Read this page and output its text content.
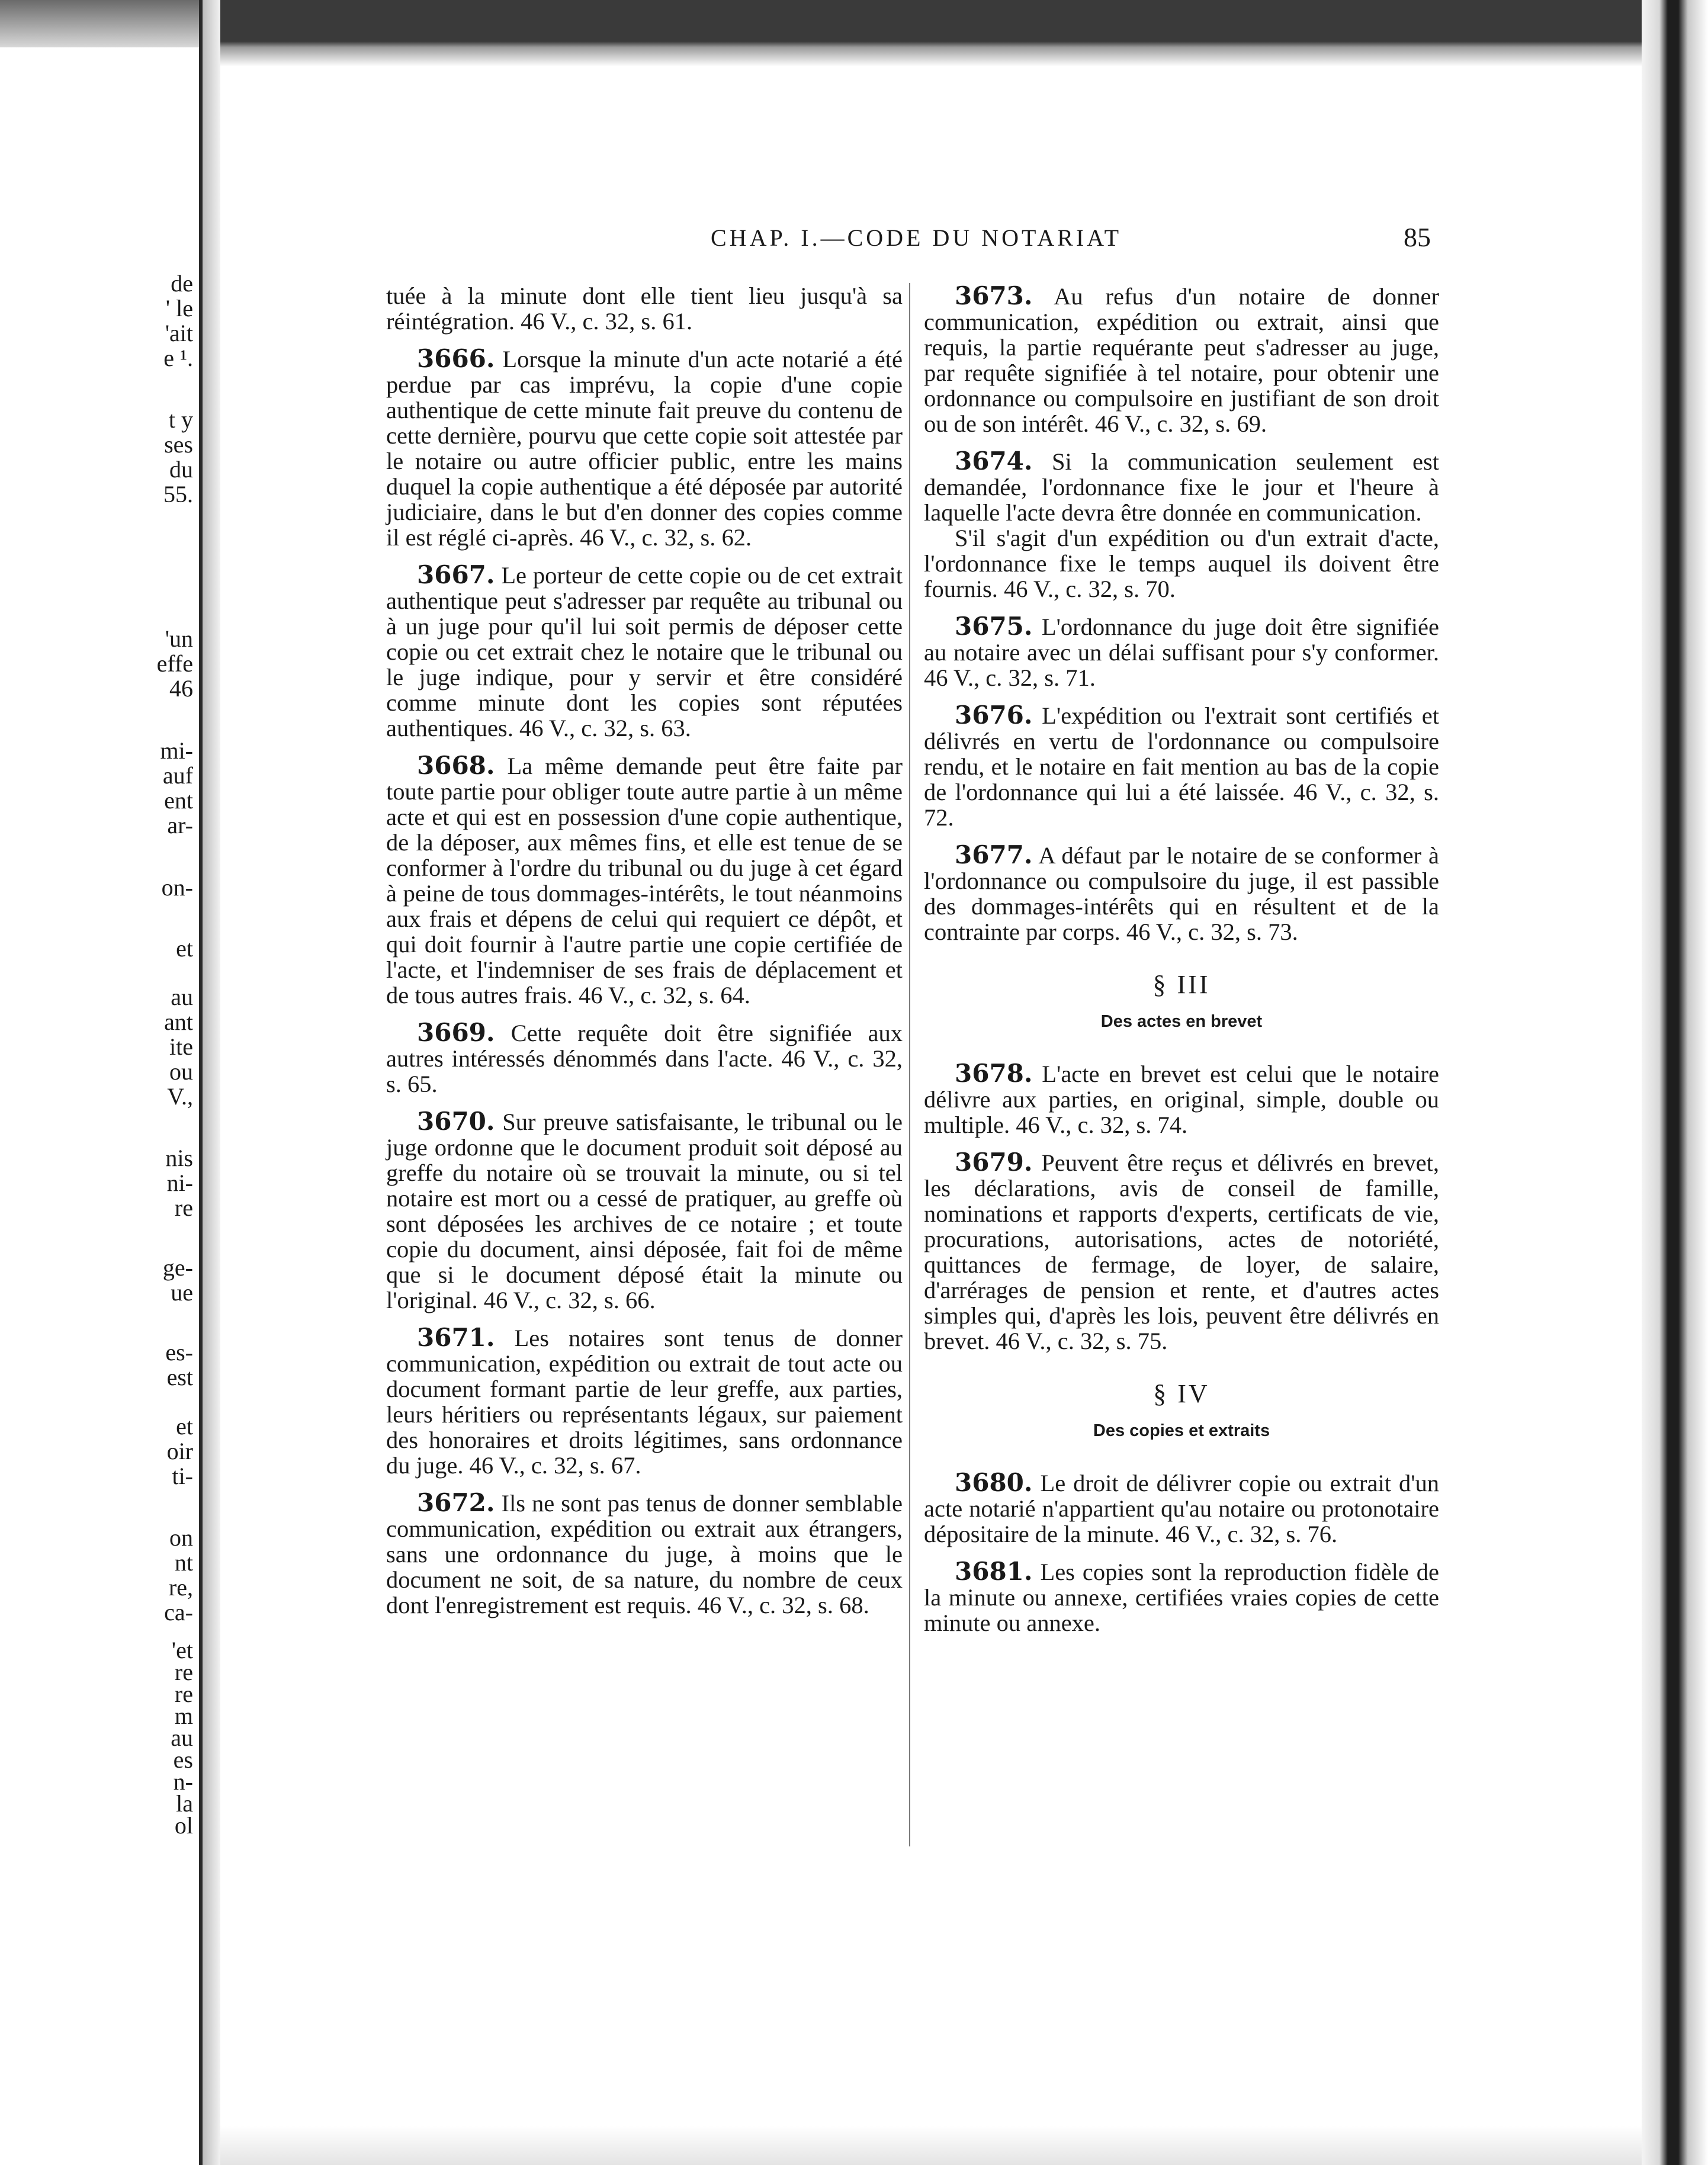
de
' le
'ait
e ¹.
t y
ses
du
55.
'un
effe
46
mi-
auf
ent
ar-
on-
et
au
ant
ite
ou
V.,
nis
ni-
re
ge-
ue
es-
est
et
oir
ti-
on
nt
re,
ca-
'et
re
re
m
au
es
n-
la
ol
CHAP. I.—CODE DU NOTARIAT	85

tuée à la minute dont elle tient lieu jusqu'à sa réintégration. 46 V., c. 32, s. 61.

3666. Lorsque la minute d'un acte notarié a été perdue par cas imprévu, la copie d'une copie authentique de cette minute fait preuve du contenu de cette dernière, pourvu que cette copie soit attestée par le notaire ou autre officier public, entre les mains duquel la copie authentique a été déposée par autorité judiciaire, dans le but d'en donner des copies comme il est réglé ci-après. 46 V., c. 32, s. 62.

3667. Le porteur de cette copie ou de cet extrait authentique peut s'adresser par requête au tribunal ou à un juge pour qu'il lui soit permis de déposer cette copie ou cet extrait chez le notaire que le tribunal ou le juge indique, pour y servir et être considéré comme minute dont les copies sont réputées authentiques. 46 V., c. 32, s. 63.

3668. La même demande peut être faite par toute partie pour obliger toute autre partie à un même acte et qui est en possession d'une copie authentique, de la déposer, aux mêmes fins, et elle est tenue de se conformer à l'ordre du tribunal ou du juge à cet égard à peine de tous dommages-intérêts, le tout néanmoins aux frais et dépens de celui qui requiert ce dépôt, et qui doit fournir à l'autre partie une copie certifiée de l'acte, et l'indemniser de ses frais de déplacement et de tous autres frais. 46 V., c. 32, s. 64.

3669. Cette requête doit être signifiée aux autres intéressés dénommés dans l'acte. 46 V., c. 32, s. 65.

3670. Sur preuve satisfaisante, le tribunal ou le juge ordonne que le document produit soit déposé au greffe du notaire où se trouvait la minute, ou si tel notaire est mort ou a cessé de pratiquer, au greffe où sont déposées les archives de ce notaire ; et toute copie du document, ainsi déposée, fait foi de même que si le document déposé était la minute ou l'original. 46 V., c. 32, s. 66.

3671. Les notaires sont tenus de donner communication, expédition ou extrait de tout acte ou document formant partie de leur greffe, aux parties, leurs héritiers ou représentants légaux, sur paiement des honoraires et droits légitimes, sans ordonnance du juge. 46 V., c. 32, s. 67.

3672. Ils ne sont pas tenus de donner semblable communication, expédition ou extrait aux étrangers, sans une ordonnance du juge, à moins que le document ne soit, de sa nature, du nombre de ceux dont l'enregistrement est requis. 46 V., c. 32, s. 68.

3673. Au refus d'un notaire de donner communication, expédition ou extrait, ainsi que requis, la partie requérante peut s'adresser au juge, par requête signifiée à tel notaire, pour obtenir une ordonnance ou compulsoire en justifiant de son droit ou de son intérêt. 46 V., c. 32, s. 69.

3674. Si la communication seulement est demandée, l'ordonnance fixe le jour et l'heure à laquelle l'acte devra être donnée en communication.

S'il s'agit d'un expédition ou d'un extrait d'acte, l'ordonnance fixe le temps auquel ils doivent être fournis. 46 V., c. 32, s. 70.

3675. L'ordonnance du juge doit être signifiée au notaire avec un délai suffisant pour s'y conformer. 46 V., c. 32, s. 71.

3676. L'expédition ou l'extrait sont certifiés et délivrés en vertu de l'ordonnance ou compulsoire rendu, et le notaire en fait mention au bas de la copie de l'ordonnance qui lui a été laissée. 46 V., c. 32, s. 72.

3677. A défaut par le notaire de se conformer à l'ordonnance ou compulsoire du juge, il est passible des dommages-intérêts qui en résultent et de la contrainte par corps. 46 V., c. 32, s. 73.

§ III
Des actes en brevet

3678. L'acte en brevet est celui que le notaire délivre aux parties, en original, simple, double ou multiple. 46 V., c. 32, s. 74.

3679. Peuvent être reçus et délivrés en brevet, les déclarations, avis de conseil de famille, nominations et rapports d'experts, certificats de vie, procurations, autorisations, actes de notoriété, quittances de fermage, de loyer, de salaire, d'arrérages de pension et rente, et d'autres actes simples qui, d'après les lois, peuvent être délivrés en brevet. 46 V., c. 32, s. 75.

§ IV
Des copies et extraits

3680. Le droit de délivrer copie ou extrait d'un acte notarié n'appartient qu'au notaire ou protonotaire dépositaire de la minute. 46 V., c. 32, s. 76.

3681. Les copies sont la reproduction fidèle de la minute ou annexe, certifiées vraies copies de cette minute ou annexe.
